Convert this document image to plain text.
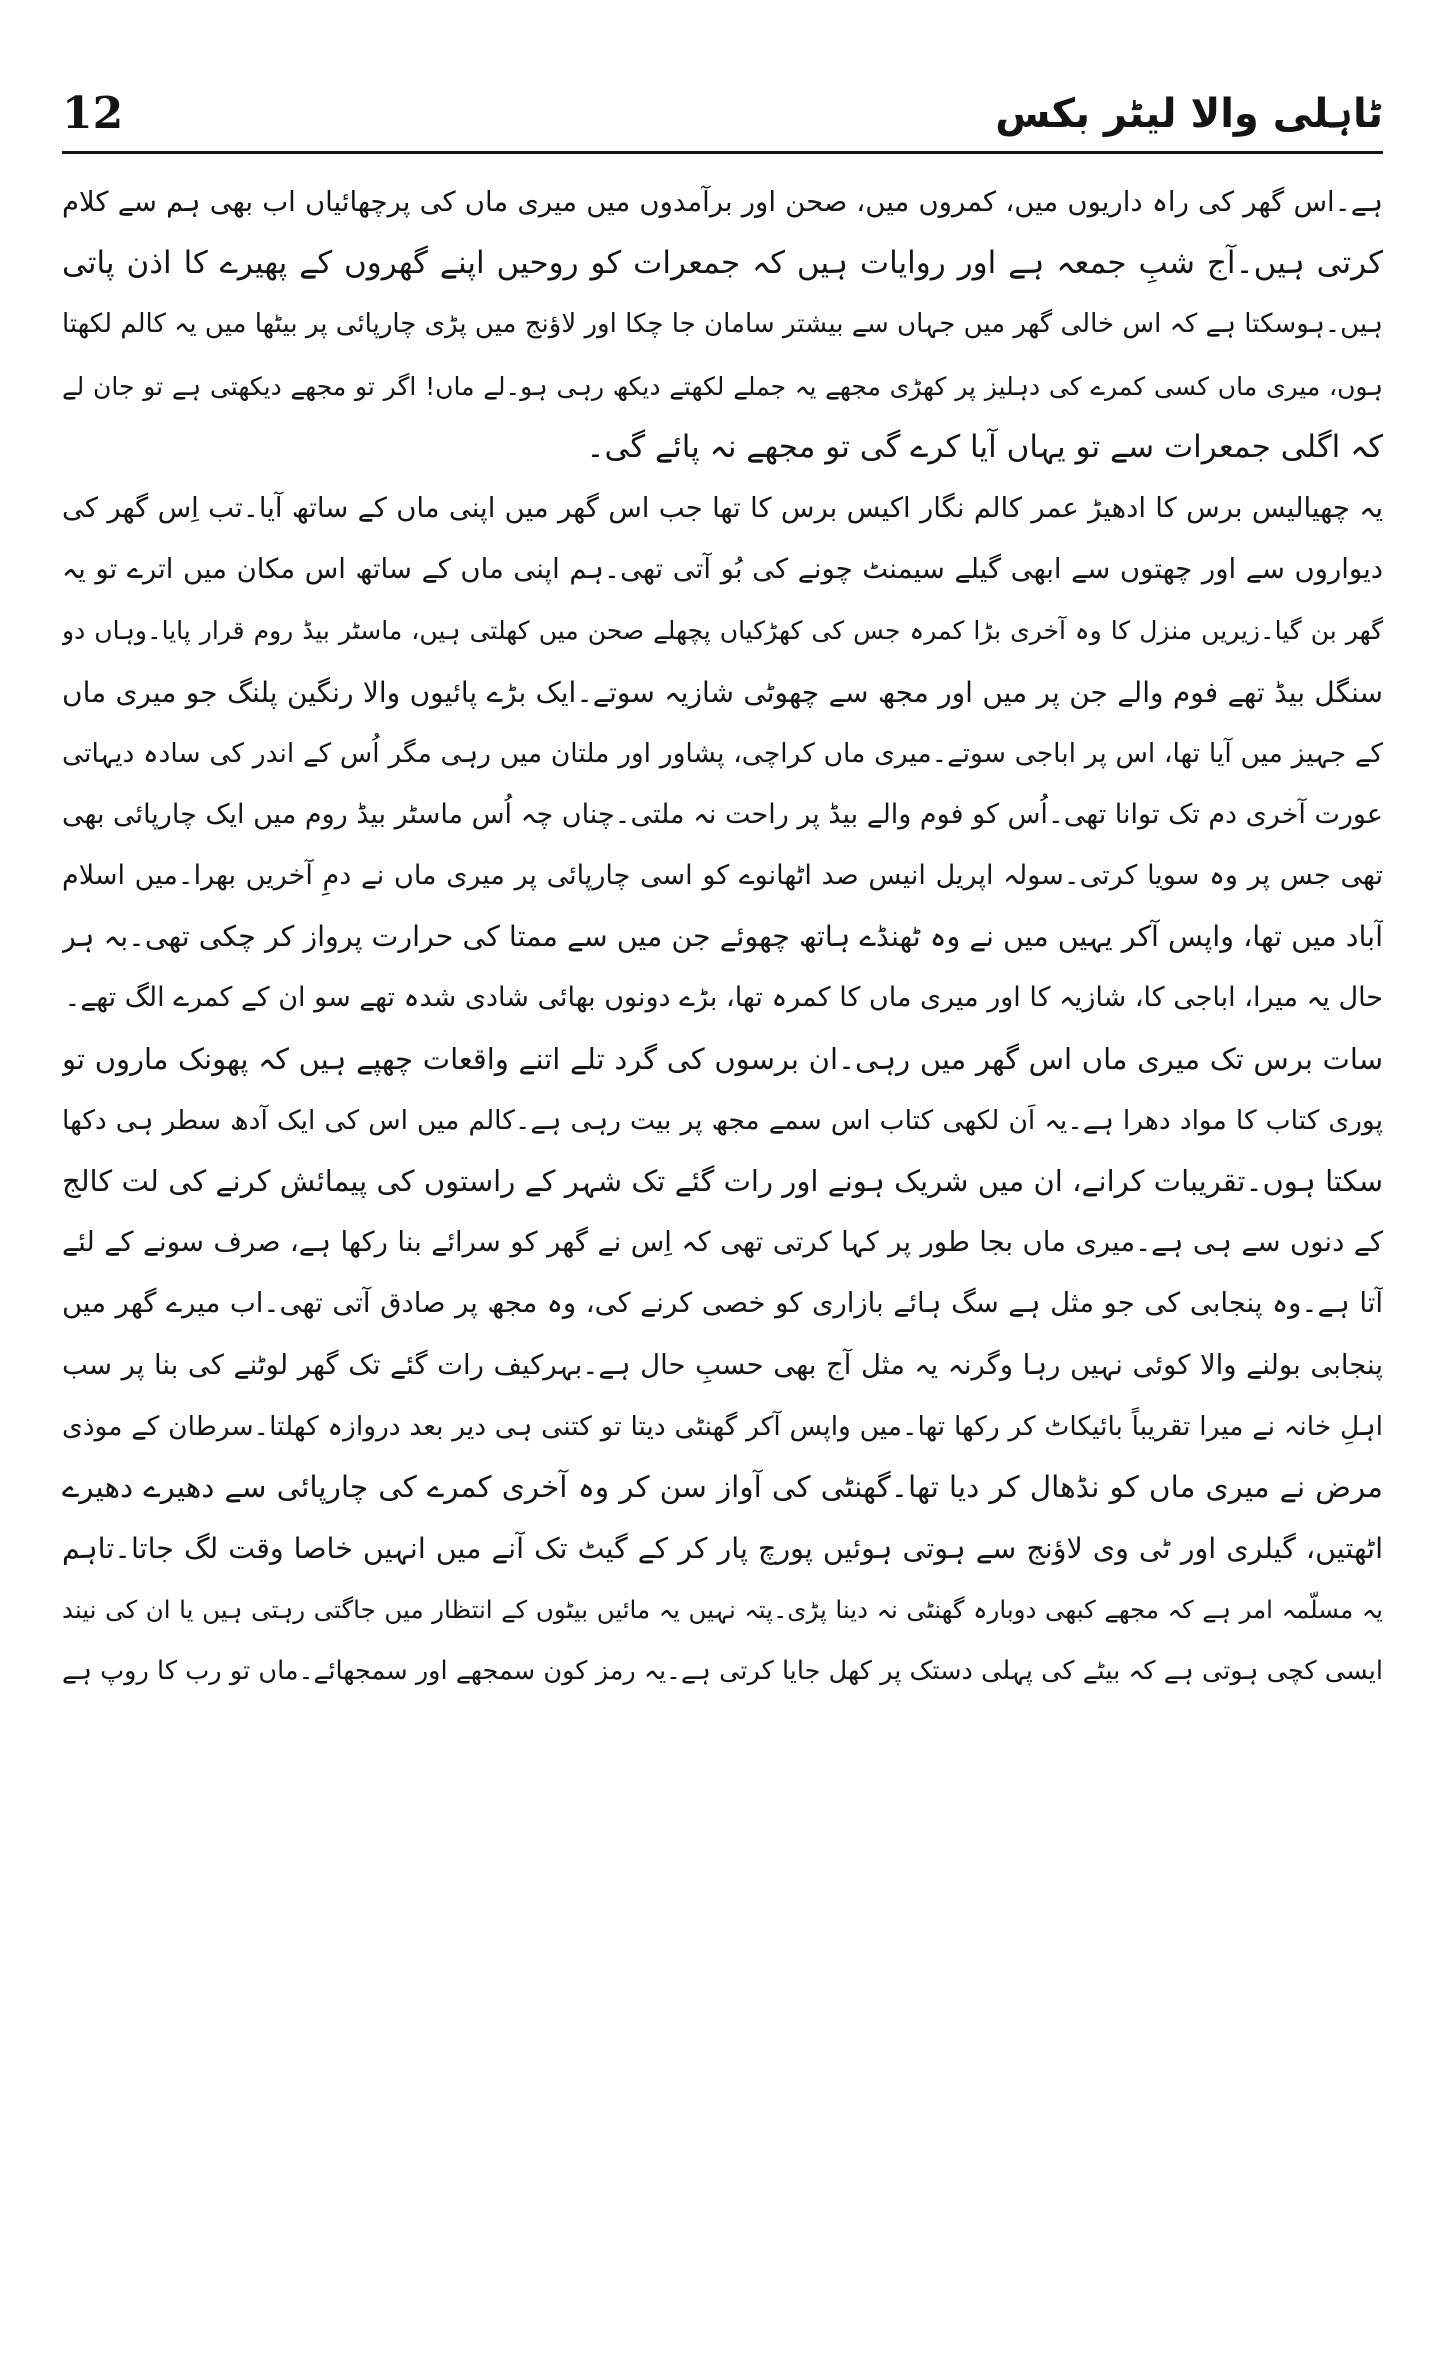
12	ٹاہلی والا لیٹر بکس
ہے۔اس گھر کی راہ داریوں میں، کمروں میں، صحن اور برآمدوں میں میری ماں کی پرچھائیاں اب بھی ہم سے کلام
کرتی ہیں۔آج شبِ جمعہ ہے اور روایات ہیں کہ جمعرات کو روحیں اپنے گھروں کے پھیرے کا اذن پاتی
ہیں۔ہوسکتا ہے کہ اس خالی گھر میں جہاں سے بیشتر سامان جا چکا اور لاؤنج میں پڑی چارپائی پر بیٹھا میں یہ کالم لکھتا
ہوں، میری ماں کسی کمرے کی دہلیز پر کھڑی مجھے یہ جملے لکھتے دیکھ رہی ہو۔لے ماں! اگر تو مجھے دیکھتی ہے تو جان لے
کہ اگلی جمعرات سے تو یہاں آیا کرے گی تو مجھے نہ پائے گی۔
یہ چھیالیس برس کا ادھیڑ عمر کالم نگار اکیس برس کا تھا جب اس گھر میں اپنی ماں کے ساتھ آیا۔تب اِس گھر کی
دیواروں سے اور چھتوں سے ابھی گیلے سیمنٹ چونے کی بُو آتی تھی۔ہم اپنی ماں کے ساتھ اس مکان میں اترے تو یہ
گھر بن گیا۔زیریں منزل کا وہ آخری بڑا کمرہ جس کی کھڑکیاں پچھلے صحن میں کھلتی ہیں، ماسٹر بیڈ روم قرار پایا۔وہاں دو
سنگل بیڈ تھے فوم والے جن پر میں اور مجھ سے چھوٹی شازیہ سوتے۔ایک بڑے پائیوں والا رنگین پلنگ جو میری ماں
کے جہیز میں آیا تھا، اس پر اباجی سوتے۔میری ماں کراچی، پشاور اور ملتان میں رہی مگر اُس کے اندر کی سادہ دیہاتی
عورت آخری دم تک توانا تھی۔اُس کو فوم والے بیڈ پر راحت نہ ملتی۔چناں چہ اُس ماسٹر بیڈ روم میں ایک چارپائی بھی
تھی جس پر وہ سویا کرتی۔سولہ اپریل انیس صد اٹھانوے کو اسی چارپائی پر میری ماں نے دمِ آخریں بھرا۔میں اسلام
آباد میں تھا، واپس آکر یہیں میں نے وہ ٹھنڈے ہاتھ چھوئے جن میں سے ممتا کی حرارت پرواز کر چکی تھی۔بہ ہر
حال یہ میرا، اباجی کا، شازیہ کا اور میری ماں کا کمرہ تھا، بڑے دونوں بھائی شادی شدہ تھے سو ان کے کمرے الگ تھے۔
سات برس تک میری ماں اس گھر میں رہی۔ان برسوں کی گرد تلے اتنے واقعات چھپے ہیں کہ پھونک ماروں تو
پوری کتاب کا مواد دھرا ہے۔یہ اَن لکھی کتاب اس سمے مجھ پر بیت رہی ہے۔کالم میں اس کی ایک آدھ سطر ہی دکھا
سکتا ہوں۔تقریبات کرانے، ان میں شریک ہونے اور رات گئے تک شہر کے راستوں کی پیمائش کرنے کی لت کالج
کے دنوں سے ہی ہے۔میری ماں بجا طور پر کہا کرتی تھی کہ اِس نے گھر کو سرائے بنا رکھا ہے، صرف سونے کے لئے
آتا ہے۔وہ پنجابی کی جو مثل ہے سگ ہائے بازاری کو خصی کرنے کی، وہ مجھ پر صادق آتی تھی۔اب میرے گھر میں
پنجابی بولنے والا کوئی نہیں رہا وگرنہ یہ مثل آج بھی حسبِ حال ہے۔بہرکیف رات گئے تک گھر لوٹنے کی بنا پر سب
اہلِ خانہ نے میرا تقریباً بائیکاٹ کر رکھا تھا۔میں واپس آکر گھنٹی دیتا تو کتنی ہی دیر بعد دروازہ کھلتا۔سرطان کے موذی
مرض نے میری ماں کو نڈھال کر دیا تھا۔گھنٹی کی آواز سن کر وہ آخری کمرے کی چارپائی سے دھیرے دھیرے
اٹھتیں، گیلری اور ٹی وی لاؤنج سے ہوتی ہوئیں پورچ پار کر کے گیٹ تک آنے میں انہیں خاصا وقت لگ جاتا۔تاہم
یہ مسلّمہ امر ہے کہ مجھے کبھی دوبارہ گھنٹی نہ دینا پڑی۔پتہ نہیں یہ مائیں بیٹوں کے انتظار میں جاگتی رہتی ہیں یا ان کی نیند
ایسی کچی ہوتی ہے کہ بیٹے کی پہلی دستک پر کھل جایا کرتی ہے۔یہ رمز کون سمجھے اور سمجھائے۔ماں تو رب کا روپ ہے
